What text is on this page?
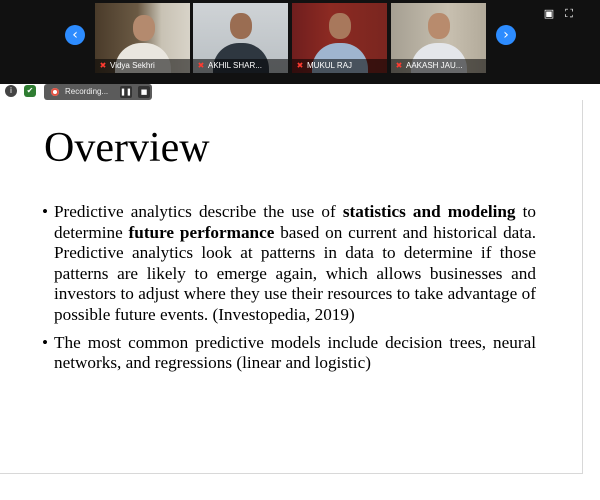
‹
✖ Vidya Sekhri	✖ AKHIL SHAR...	✖ MUKUL RAJ	✖ AAKASH JAU...
›
▣ ⛶
i	✔	Recording... ❚❚	■
Overview
• Predictive analytics describe the use of statistics and modeling to determine future performance based on current and historical data. Predictive analytics look at patterns in data to determine if those patterns are likely to emerge again, which allows businesses and investors to adjust where they use their resources to take advantage of possible future events. (Investopedia, 2019)
• The most common predictive models include decision trees, neural networks, and regressions (linear and logistic)
